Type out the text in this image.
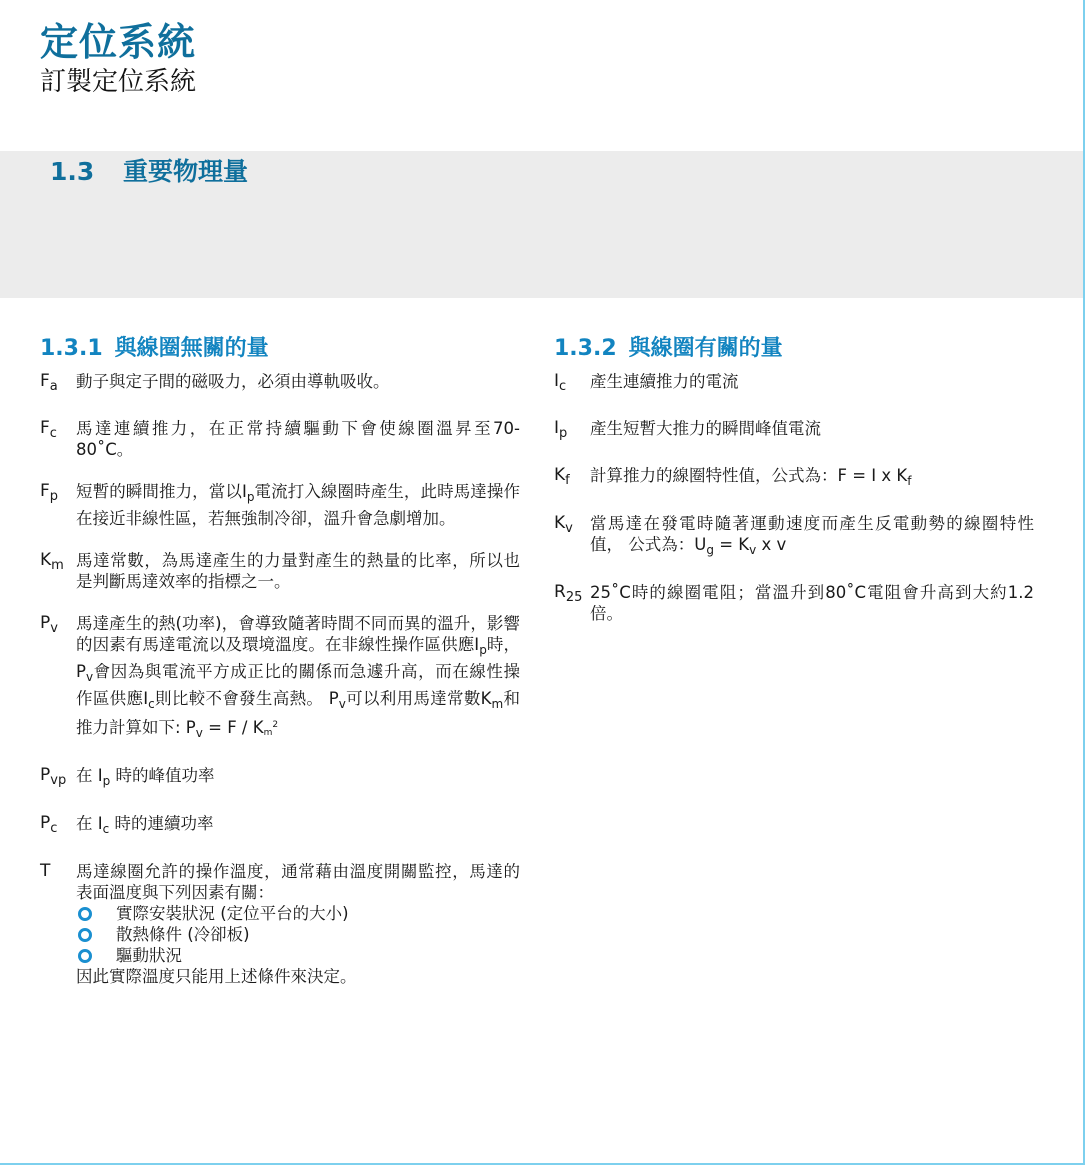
定位系統
訂製定位系統
1.3 重要物理量
1.3.1 與線圈無關的量
$F_a$	動子與定子間的磁吸力，必須由導軌吸收。
$F_c$	馬達連續推力，在正常持續驅動下會使線圈溫昇至70-80˚C。
$F_p$	短暫的瞬間推力，當以$I_p$電流打入線圈時產生，此時馬達操作在接近非線性區，若無強制冷卻，溫升會急劇增加。
$K_m$ 馬達常數，為馬達產生的力量對產生的熱量的比率，所以也是判斷馬達效率的指標之一。
$P_v$	馬達產生的熱(功率)，會導致隨著時間不同而異的溫升，影響的因素有馬達電流以及環境溫度。在非線性操作區供應$I_p$時，$P_v$會因為與電流平方成正比的關係而急遽升高，而在線性操作區供應$I_c$則比較不會發生高熱。 $P_v$可以利用馬達常數$K_m$和推力計算如下: $P_v = F / K_m^2$
$P_{vp}$ 在 $I_p$ 時的峰值功率
$P_c$	在 $I_c$ 時的連續功率
T	馬達線圈允許的操作溫度，通常藉由溫度開關監控，馬達的表面溫度與下列因素有關：
實際安裝狀況 (定位平台的大小)
散熱條件 (冷卻板)
驅動狀況
因此實際溫度只能用上述條件來決定。
1.3.2 與線圈有關的量
$I_c$	產生連續推力的電流
$I_p$	產生短暫大推力的瞬間峰值電流
$K_f$	計算推力的線圈特性值，公式為：F = I x $K_f$
$K_v$	當馬達在發電時隨著運動速度而產生反電動勢的線圈特性值， 公式為：$U_g = K_v$ x v
$R_{25}$ 25˚C時的線圈電阻；當溫升到80˚C電阻會升高到大約1.2倍。
